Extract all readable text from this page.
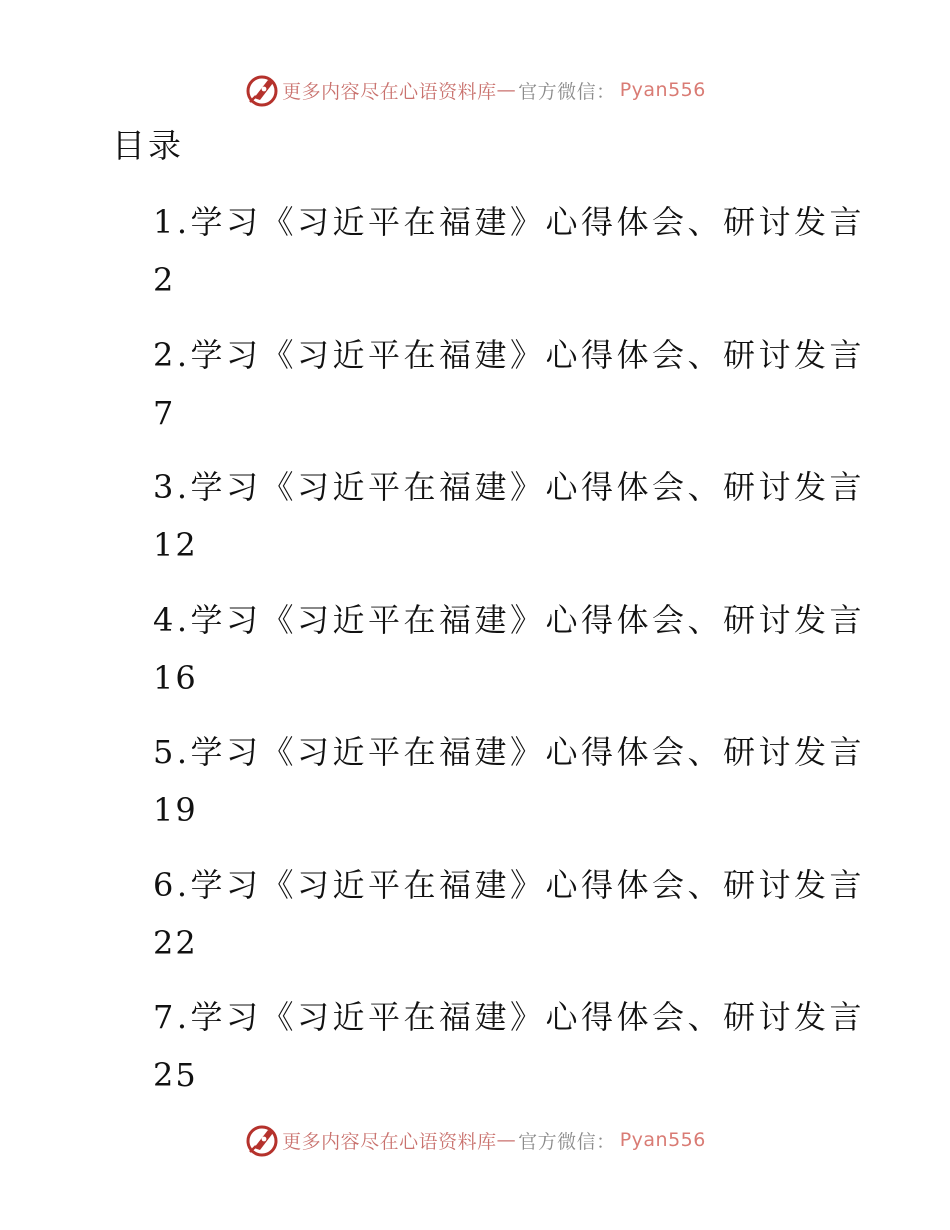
更多内容尽在心语资料库 — 官方微信： Pyan556
目录
1.学习《习近平在福建》心得体会、研讨发言
2
2.学习《习近平在福建》心得体会、研讨发言
7
3.学习《习近平在福建》心得体会、研讨发言
12
4.学习《习近平在福建》心得体会、研讨发言
16
5.学习《习近平在福建》心得体会、研讨发言
19
6.学习《习近平在福建》心得体会、研讨发言
22
7.学习《习近平在福建》心得体会、研讨发言
25
更多内容尽在心语资料库 — 官方微信： Pyan556
